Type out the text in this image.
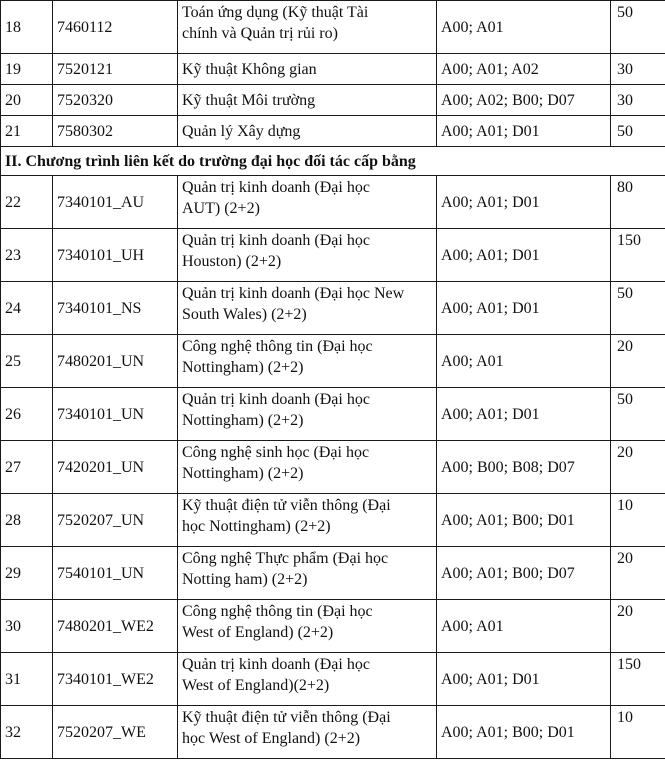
18	7460112	Toán ứng dụng (Kỹ thuật Tài
chính và Quản trị rủi ro)	A00; A01	50
19	7520121	Kỹ thuật Không gian	A00; A01; A02	30
20	7520320	Kỹ thuật Môi trường	A00; A02; B00; D07	30
21	7580302	Quản lý Xây dựng	A00; A01; D01	50
II. Chương trình liên kết do trường đại học đối tác cấp bằng				
22	7340101_AU	Quản trị kinh doanh (Đại học
AUT) (2+2)	A00; A01; D01	80
23	7340101_UH	Quản trị kinh doanh (Đại học
Houston) (2+2)	A00; A01; D01	150
24	7340101_NS	Quản trị kinh doanh (Đại học New
South Wales) (2+2)	A00; A01; D01	50
25	7480201_UN	Công nghệ thông tin (Đại học
Nottingham) (2+2)	A00; A01	20
26	7340101_UN	Quản trị kinh doanh (Đại học
Nottingham) (2+2)	A00; A01; D01	50
27	7420201_UN	Công nghệ sinh học (Đại học
Nottingham) (2+2)	A00; B00; B08; D07	20
28	7520207_UN	Kỹ thuật điện tử viễn thông (Đại
học Nottingham) (2+2)	A00; A01; B00; D01	10
29	7540101_UN	Công nghệ Thực phẩm (Đại học
Notting ham) (2+2)	A00; A01; B00; D07	20
30	7480201_WE2	Công nghệ thông tin (Đại học
West of England) (2+2)	A00; A01	20
31	7340101_WE2	Quản trị kinh doanh (Đại học
West of England)(2+2)	A00; A01; D01	150
32	7520207_WE	Kỹ thuật điện tử viễn thông (Đại
học West of England) (2+2)	A00; A01; B00; D01	10
